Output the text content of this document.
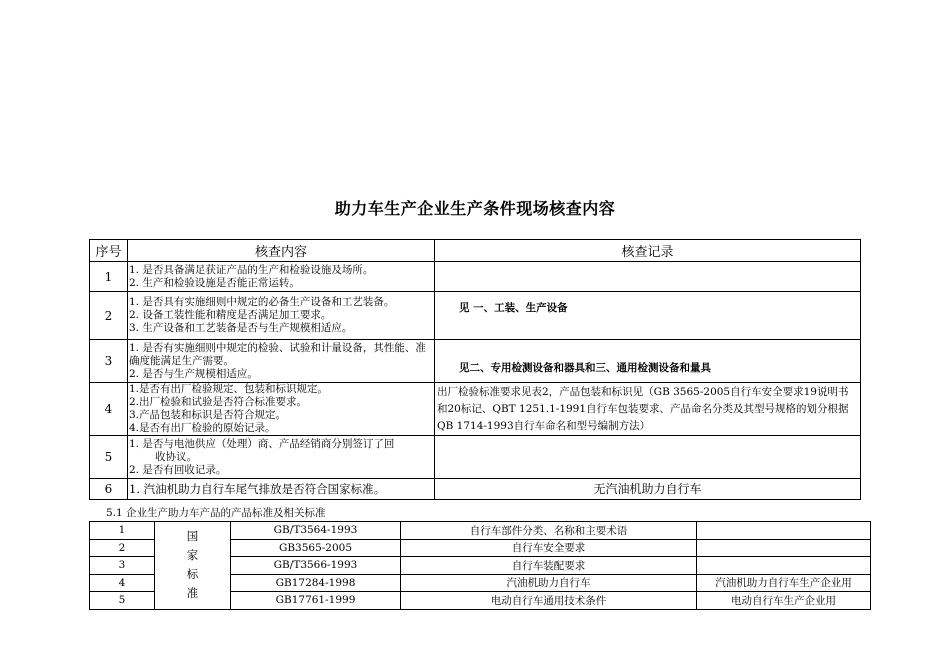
助力车生产企业生产条件现场核查内容
序号	核查内容	核查记录
1	1. 是否具备满足获证产品的生产和检验设施及场所。
2. 生产和检验设施是否能正常运转。	

2	1. 是否具有实施细则中规定的必备生产设备和工艺装备。
2. 设备工装性能和精度是否满足加工要求。
3. 生产设备和工艺装备是否与生产规模相适应。	见 一、工装、生产设备
3	1. 是否有实施细则中规定的检验、试验和计量设备，其性能、准确度能满足生产需要。
2. 是否与生产规模相适应。	见二、专用检测设备和器具和三、通用检测设备和量具
4	1.是否有出厂检验规定、包装和标识规定。
2.出厂检验和试验是否符合标准要求。
3.产品包装和标识是否符合规定。
4.是否有出厂检验的原始记录。	出厂检验标准要求见表2，产品包装和标识见（GB 3565-2005自行车安全要求19说明书和20标记、QBT 1251.1-1991自行车包装要求、产品命名分类及其型号规格的划分根据QB 1714-1993自行车命名和型号编制方法）
5	1. 是否与电池供应（处理）商、产品经销商分别签订了回
收协议。
2. 是否有回收记录。	

6	1. 汽油机助力自行车尾气排放是否符合国家标准。	无汽油机助力自行车
5.1 企业生产助力车产品的产品标准及相关标准
1	国
家
标
准	GB/T3564-1993	自行车部件分类、名称和主要术语	
2		GB3565-2005	自行车安全要求	
3		GB/T3566-1993	自行车装配要求	
4		GB17284-1998	汽油机助力自行车	汽油机助力自行车生产企业用
5		GB17761-1999	电动自行车通用技术条件	电动自行车生产企业用
